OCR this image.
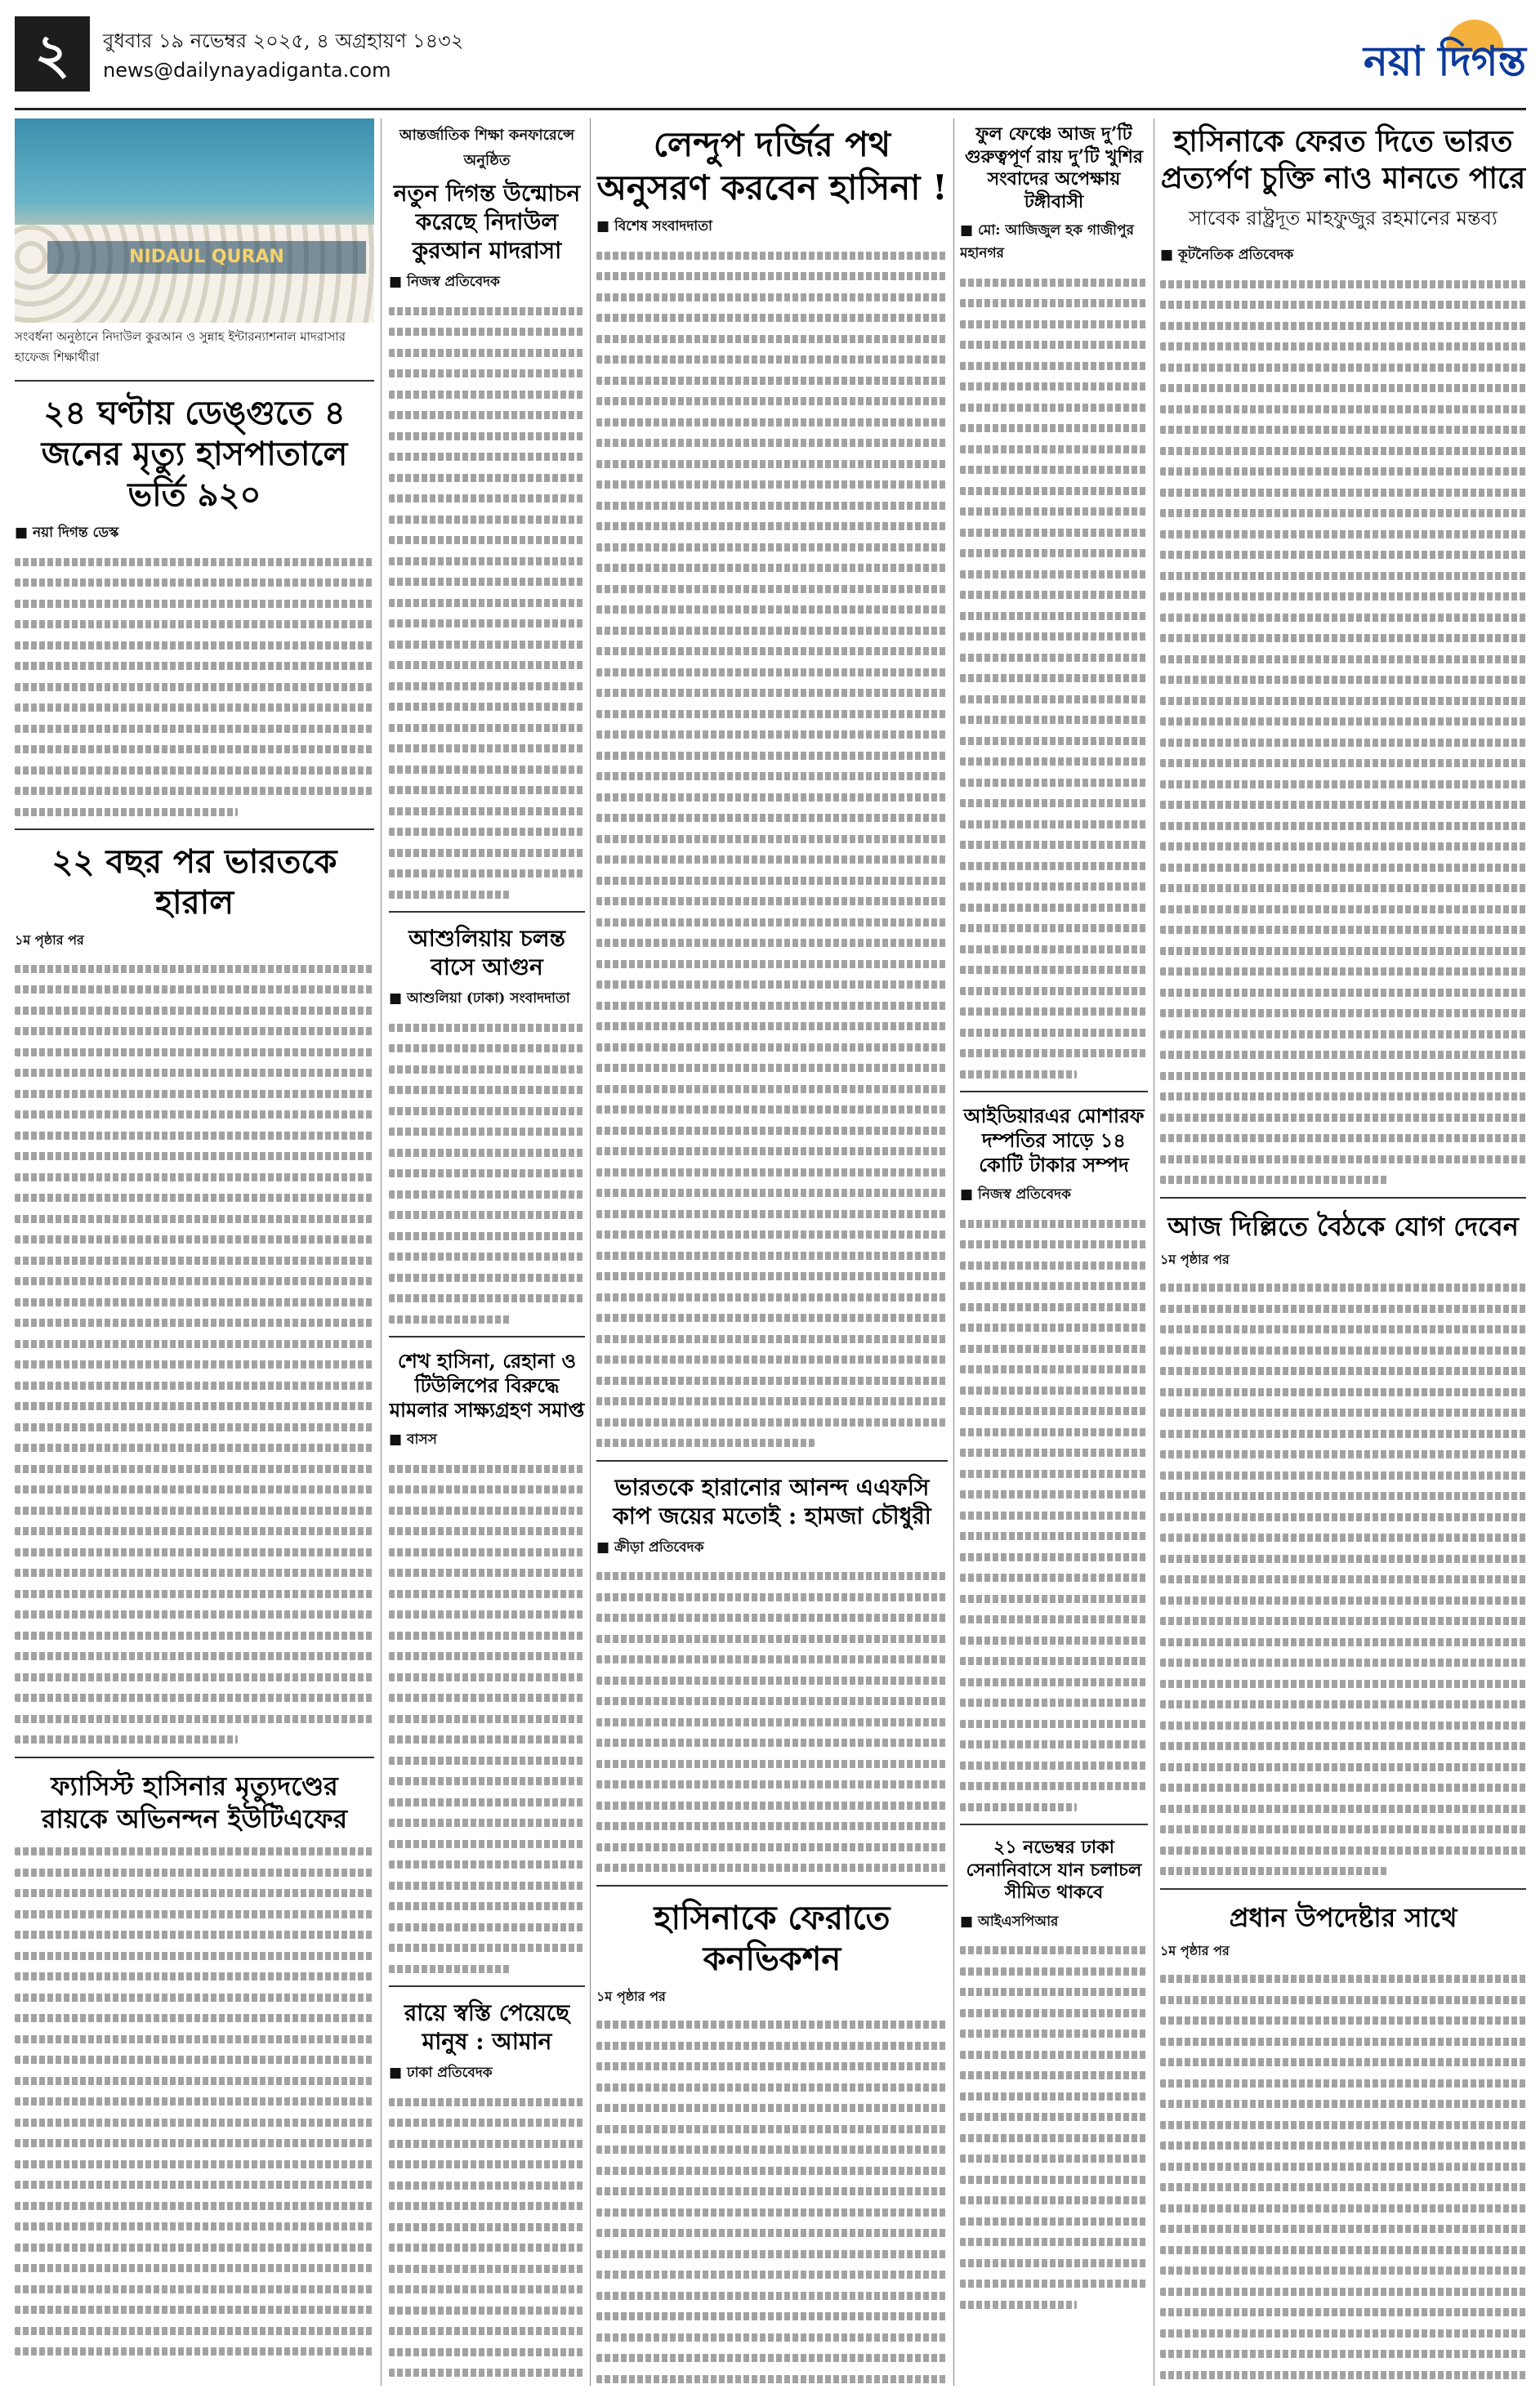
২	বুধবার ১৯ নভেম্বর ২০২৫, ৪ অগ্রহায়ণ ১৪৩২
news@dailynayadiganta.com	নয়া দিগন্ত
NIDAUL QURAN
সংবর্ধনা অনুষ্ঠানে নিদাউল কুরআন ও সুন্নাহ ইন্টারন্যাশনাল মাদরাসার হাফেজ শিক্ষার্থীরা
২৪ ঘণ্টায় ডেঙ্গুতে ৪ জনের মৃত্যু হাসপাতালে ভর্তি ৯২০
■ নয়া দিগন্ত ডেস্ক
২২ বছর পর ভারতকে হারাল
১ম পৃষ্ঠার পর
ফ্যাসিস্ট হাসিনার মৃত্যুদণ্ডের রায়কে অভিনন্দন ইউটিএফের
আন্তর্জাতিক শিক্ষা কনফারেন্সে অনুষ্ঠিত
নতুন দিগন্ত উন্মোচন করেছে নিদাউল কুরআন মাদরাসা
■ নিজস্ব প্রতিবেদক
আশুলিয়ায় চলন্ত বাসে আগুন
■ আশুলিয়া (ঢাকা) সংবাদদাতা
শেখ হাসিনা, রেহানা ও টিউলিপের বিরুদ্ধে মামলার সাক্ষ্যগ্রহণ সমাপ্ত
■ বাসস
রায়ে স্বস্তি পেয়েছে মানুষ : আমান
■ ঢাকা প্রতিবেদক
লেন্দুপ দর্জির পথ অনুসরণ করবেন হাসিনা !
■ বিশেষ সংবাদদাতা
ভারতকে হারানোর আনন্দ এএফসি কাপ জয়ের মতোই : হামজা চৌধুরী
■ ক্রীড়া প্রতিবেদক
হাসিনাকে ফেরাতে কনভিকশন
১ম পৃষ্ঠার পর
ফুল ফেঞ্চে আজ দু’টি গুরুত্বপূর্ণ রায় দু’টি খুশির সংবাদের অপেক্ষায় টঙ্গীবাসী
■ মো: আজিজুল হক গাজীপুর মহানগর
আইডিয়ারএর মোশারফ দম্পতির সাড়ে ১৪ কোটি টাকার সম্পদ
■ নিজস্ব প্রতিবেদক
২১ নভেম্বর ঢাকা সেনানিবাসে যান চলাচল সীমিত থাকবে
■ আইএসপিআর
হাসিনাকে ফেরত দিতে ভারত প্রত্যর্পণ চুক্তি নাও মানতে পারে
সাবেক রাষ্ট্রদূত মাহফুজুর রহমানের মন্তব্য
■ কূটনৈতিক প্রতিবেদক
আজ দিল্লিতে বৈঠকে যোগ দেবেন
১ম পৃষ্ঠার পর
প্রধান উপদেষ্টার সাথে
১ম পৃষ্ঠার পর
